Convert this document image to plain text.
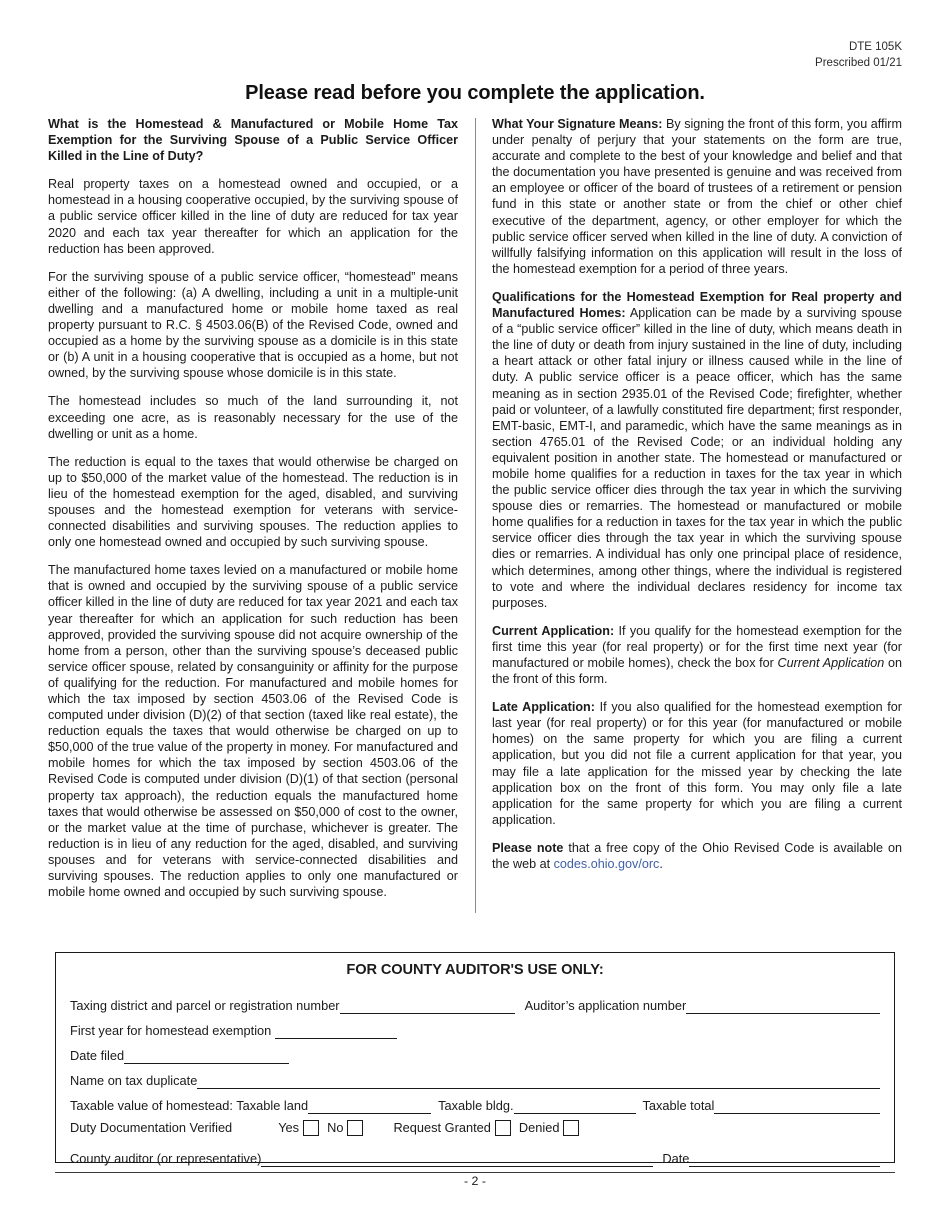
DTE 105K
Prescribed 01/21
Please read before you complete the application.

What is the Homestead & Manufactured or Mobile Home Tax Exemption for the Surviving Spouse of a Public Service Officer Killed in the Line of Duty?

Real property taxes on a homestead owned and occupied, or a homestead in a housing cooperative occupied, by the surviving spouse of a public service officer killed in the line of duty are reduced for tax year 2020 and each tax year thereafter for which an application for the reduction has been approved.

For the surviving spouse of a public service officer, “homestead” means either of the following: (a) A dwelling, including a unit in a multiple-unit dwelling and a manufactured home or mobile home taxed as real property pursuant to R.C. § 4503.06(B) of the Revised Code, owned and occupied as a home by the surviving spouse as a domicile is in this state or (b) A unit in a housing cooperative that is occupied as a home, but not owned, by the surviving spouse whose domicile is in this state.

The homestead includes so much of the land surrounding it, not exceeding one acre, as is reasonably necessary for the use of the dwelling or unit as a home.

The reduction is equal to the taxes that would otherwise be charged on up to $50,000 of the market value of the homestead. The reduction is in lieu of the homestead exemption for the aged, disabled, and surviving spouses and the homestead exemption for veterans with service-connected disabilities and surviving spouses. The reduction applies to only one homestead owned and occupied by such surviving spouse.

The manufactured home taxes levied on a manufactured or mobile home that is owned and occupied by the surviving spouse of a public service officer killed in the line of duty are reduced for tax year 2021 and each tax year thereafter for which an application for such reduction has been approved, provided the surviving spouse did not acquire ownership of the home from a person, other than the surviving spouse’s deceased public service officer spouse, related by consanguinity or affinity for the purpose of qualifying for the reduction. For manufactured and mobile homes for which the tax imposed by section 4503.06 of the Revised Code is computed under division (D)(2) of that section (taxed like real estate), the reduction equals the taxes that would otherwise be charged on up to $50,000 of the true value of the property in money. For manufactured and mobile homes for which the tax imposed by section 4503.06 of the Revised Code is computed under division (D)(1) of that section (personal property tax approach), the reduction equals the manufactured home taxes that would otherwise be assessed on $50,000 of cost to the owner, or the market value at the time of purchase, whichever is greater. The reduction is in lieu of any reduction for the aged, disabled, and surviving spouses and for veterans with service-connected disabilities and surviving spouses. The reduction applies to only one manufactured or mobile home owned and occupied by such surviving spouse.

What Your Signature Means: By signing the front of this form, you affirm under penalty of perjury that your statements on the form are true, accurate and complete to the best of your knowledge and belief and that the documentation you have presented is genuine and was received from an employee or officer of the board of trustees of a retirement or pension fund in this state or another state or from the chief or other chief executive of the department, agency, or other employer for which the public service officer served when killed in the line of duty. A conviction of willfully falsifying information on this application will result in the loss of the homestead exemption for a period of three years.

Qualifications for the Homestead Exemption for Real property and Manufactured Homes: Application can be made by a surviving spouse of a “public service officer” killed in the line of duty, which means death in the line of duty or death from injury sustained in the line of duty, including a heart attack or other fatal injury or illness caused while in the line of duty. A public service officer is a peace officer, which has the same meaning as in section 2935.01 of the Revised Code; firefighter, whether paid or volunteer, of a lawfully constituted fire department; first responder, EMT-basic, EMT-I, and paramedic, which have the same meanings as in section 4765.01 of the Revised Code; or an individual holding any equivalent position in another state. The homestead or manufactured or mobile home qualifies for a reduction in taxes for the tax year in which the public service officer dies through the tax year in which the surviving spouse dies or remarries. The homestead or manufactured or mobile home qualifies for a reduction in taxes for the tax year in which the public service officer dies through the tax year in which the surviving spouse dies or remarries. A individual has only one principal place of residence, which determines, among other things, where the individual is registered to vote and where the individual declares residency for income tax purposes.

Current Application: If you qualify for the homestead exemption for the first time this year (for real property) or for the first time next year (for manufactured or mobile homes), check the box for Current Application on the front of this form.

Late Application: If you also qualified for the homestead exemption for last year (for real property) or for this year (for manufactured or mobile homes) on the same property for which you are filing a current application, but you did not file a current application for that year, you may file a late application for the missed year by checking the late application box on the front of this form. You may only file a late application for the same property for which you are filing a current application.

Please note that a free copy of the Ohio Revised Code is available on the web at codes.ohio.gov/orc.

FOR COUNTY AUDITOR'S USE ONLY:
Taxing district and parcel or registration number	Auditor’s application number
First year for homestead exemption
Date filed
Name on tax duplicate
Taxable value of homestead: Taxable land	Taxable bldg.	Taxable total
Duty Documentation Verified	Yes No	Request Granted Denied
County auditor (or representative)	Date
- 2 -
